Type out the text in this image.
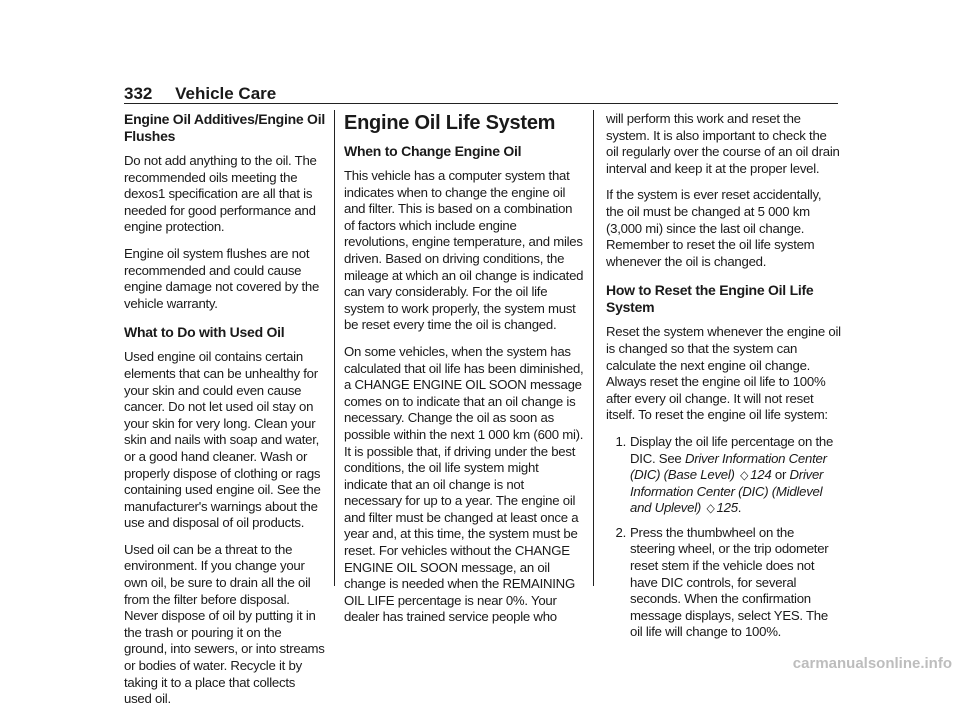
332 Vehicle Care
Engine Oil Additives/Engine Oil Flushes

Do not add anything to the oil. The recommended oils meeting the dexos1 specification are all that is needed for good performance and engine protection.

Engine oil system flushes are not recommended and could cause engine damage not covered by the vehicle warranty.

What to Do with Used Oil

Used engine oil contains certain elements that can be unhealthy for your skin and could even cause cancer. Do not let used oil stay on your skin for very long. Clean your skin and nails with soap and water, or a good hand cleaner. Wash or properly dispose of clothing or rags containing used engine oil. See the manufacturer's warnings about the use and disposal of oil products.

Used oil can be a threat to the environment. If you change your own oil, be sure to drain all the oil from the filter before disposal. Never dispose of oil by putting it in the trash or pouring it on the ground, into sewers, or into streams or bodies of water. Recycle it by taking it to a place that collects used oil.

Engine Oil Life System
When to Change Engine Oil

This vehicle has a computer system that indicates when to change the engine oil and filter. This is based on a combination of factors which include engine revolutions, engine temperature, and miles driven. Based on driving conditions, the mileage at which an oil change is indicated can vary considerably. For the oil life system to work properly, the system must be reset every time the oil is changed.

On some vehicles, when the system has calculated that oil life has been diminished, a CHANGE ENGINE OIL SOON message comes on to indicate that an oil change is necessary. Change the oil as soon as possible within the next 1 000 km (600 mi). It is possible that, if driving under the best conditions, the oil life system might indicate that an oil change is not necessary for up to a year. The engine oil and filter must be changed at least once a year and, at this time, the system must be reset. For vehicles without the CHANGE ENGINE OIL SOON message, an oil change is needed when the REMAINING OIL LIFE percentage is near 0%. Your dealer has trained service people who

will perform this work and reset the system. It is also important to check the oil regularly over the course of an oil drain interval and keep it at the proper level.

If the system is ever reset accidentally, the oil must be changed at 5 000 km (3,000 mi) since the last oil change. Remember to reset the oil life system whenever the oil is changed.

How to Reset the Engine Oil Life System

Reset the system whenever the engine oil is changed so that the system can calculate the next engine oil change. Always reset the engine oil life to 100% after every oil change. It will not reset itself. To reset the engine oil life system:

1. Display the oil life percentage on the DIC. See Driver Information Center (DIC) (Base Level) ◇ 124 or Driver Information Center (DIC) (Midlevel and Uplevel) ◇ 125.
2. Press the thumbwheel on the steering wheel, or the trip odometer reset stem if the vehicle does not have DIC controls, for several seconds. When the confirmation message displays, select YES. The oil life will change to 100%.
carmanualsonline.info
